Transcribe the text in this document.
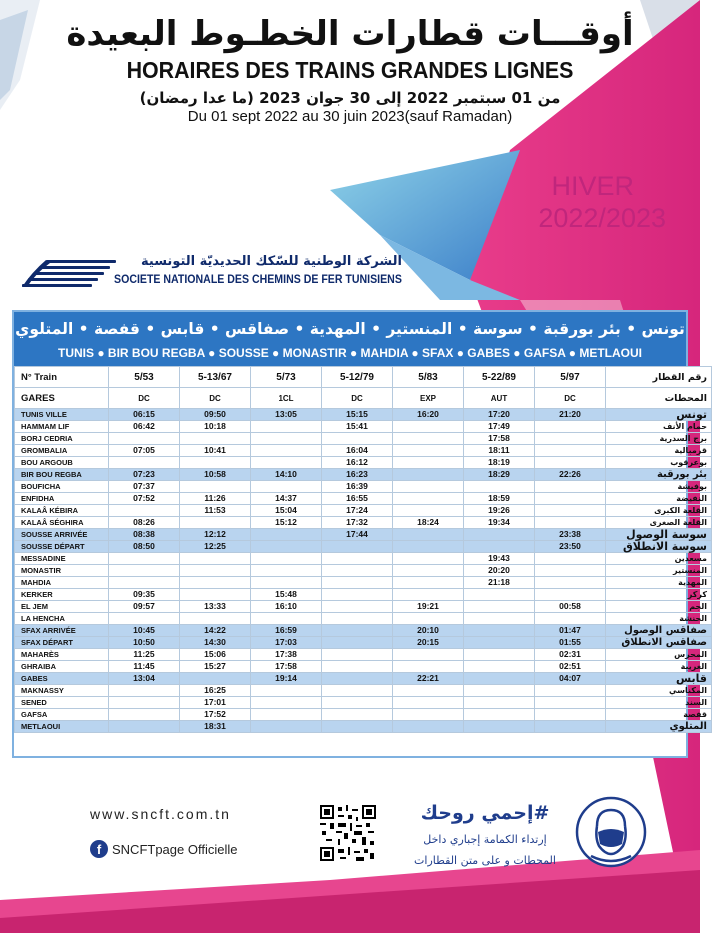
أوقـــات قطارات الخطـوط البعيدة
HORAIRES DES TRAINS GRANDES LIGNES
من 01 سبتمبر 2022 إلى 30 جوان 2023 (ما عدا رمضان)
Du 01 sept 2022 au 30 juin 2023(sauf Ramadan)
HIVER
2022/2023
الشركة الوطنية للسّكك الحديديّة التونسية
SOCIETE NATIONALE DES CHEMINS DE FER TUNISIENS
تونس • بئر بورقبة • سوسة • المنستير • المهدية • صفاقس • قابس • قفصة • المتلوي
TUNIS ● BIR BOU REGBA ● SOUSSE ● MONASTIR ● MAHDIA ● SFAX ● GABES ● GAFSA ● METLAOUI
N° Train	5/53	5-13/67	5/73	5-12/79	5/83	5-22/89	5/97	رقم القطار
GARES	DC	DC	1CL	DC	EXP	AUT	DC	المحطات
TUNIS VILLE	06:15	09:50	13:05	15:15	16:20	17:20	21:20	تونس
HAMMAM LIF	06:42	10:18		15:41		17:49		حمام الأنف
BORJ CEDRIA						17:58		برج السدرية
GROMBALIA	07:05	10:41		16:04		18:11		قرمبالية
BOU ARGOUB				16:12		18:19		بوعرقوب
BIR BOU REGBA	07:23	10:58	14:10	16:23		18:29	22:26	بئر بورقبة
BOUFICHA	07:37			16:39				بوفيشة
ENFIDHA	07:52	11:26	14:37	16:55		18:59		النفيضة
KALAÂ KÉBIRA		11:53	15:04	17:24		19:26		القلعة الكبرى
KALAÂ SÉGHIRA	08:26		15:12	17:32	18:24	19:34		القلعة الصغرى
SOUSSE ARRIVÉE	08:38	12:12		17:44			23:38	سوسة الوصول
SOUSSE DÉPART	08:50	12:25					23:50	سوسة الانطلاق
MESSADINE						19:43		مسعدين
MONASTIR						20:20		المنستير
MAHDIA						21:18		المهدية
KERKER	09:35		15:48					كركر
EL JEM	09:57	13:33	16:10		19:21		00:58	الجم
LA HENCHA								الحنشة
SFAX ARRIVÉE	10:45	14:22	16:59		20:10		01:47	صفاقس الوصول
SFAX DÉPART	10:50	14:30	17:03		20:15		01:55	صفاقس الانطلاق
MAHARÈS	11:25	15:06	17:38				02:31	المحرس
GHRAIBA	11:45	15:27	17:58				02:51	الغريبة
GABES	13:04		19:14		22:21		04:07	قابس
MAKNASSY		16:25						المكناسي
SENED		17:01						السند
GAFSA		17:52						قفصة
METLAOUI		18:31						المتلوي
www.sncft.com.tn
f SNCFTpage Officielle
#إحمي روحك
إرتداء الكمامة إجباري داخل
المحطات و على متن القطارات
